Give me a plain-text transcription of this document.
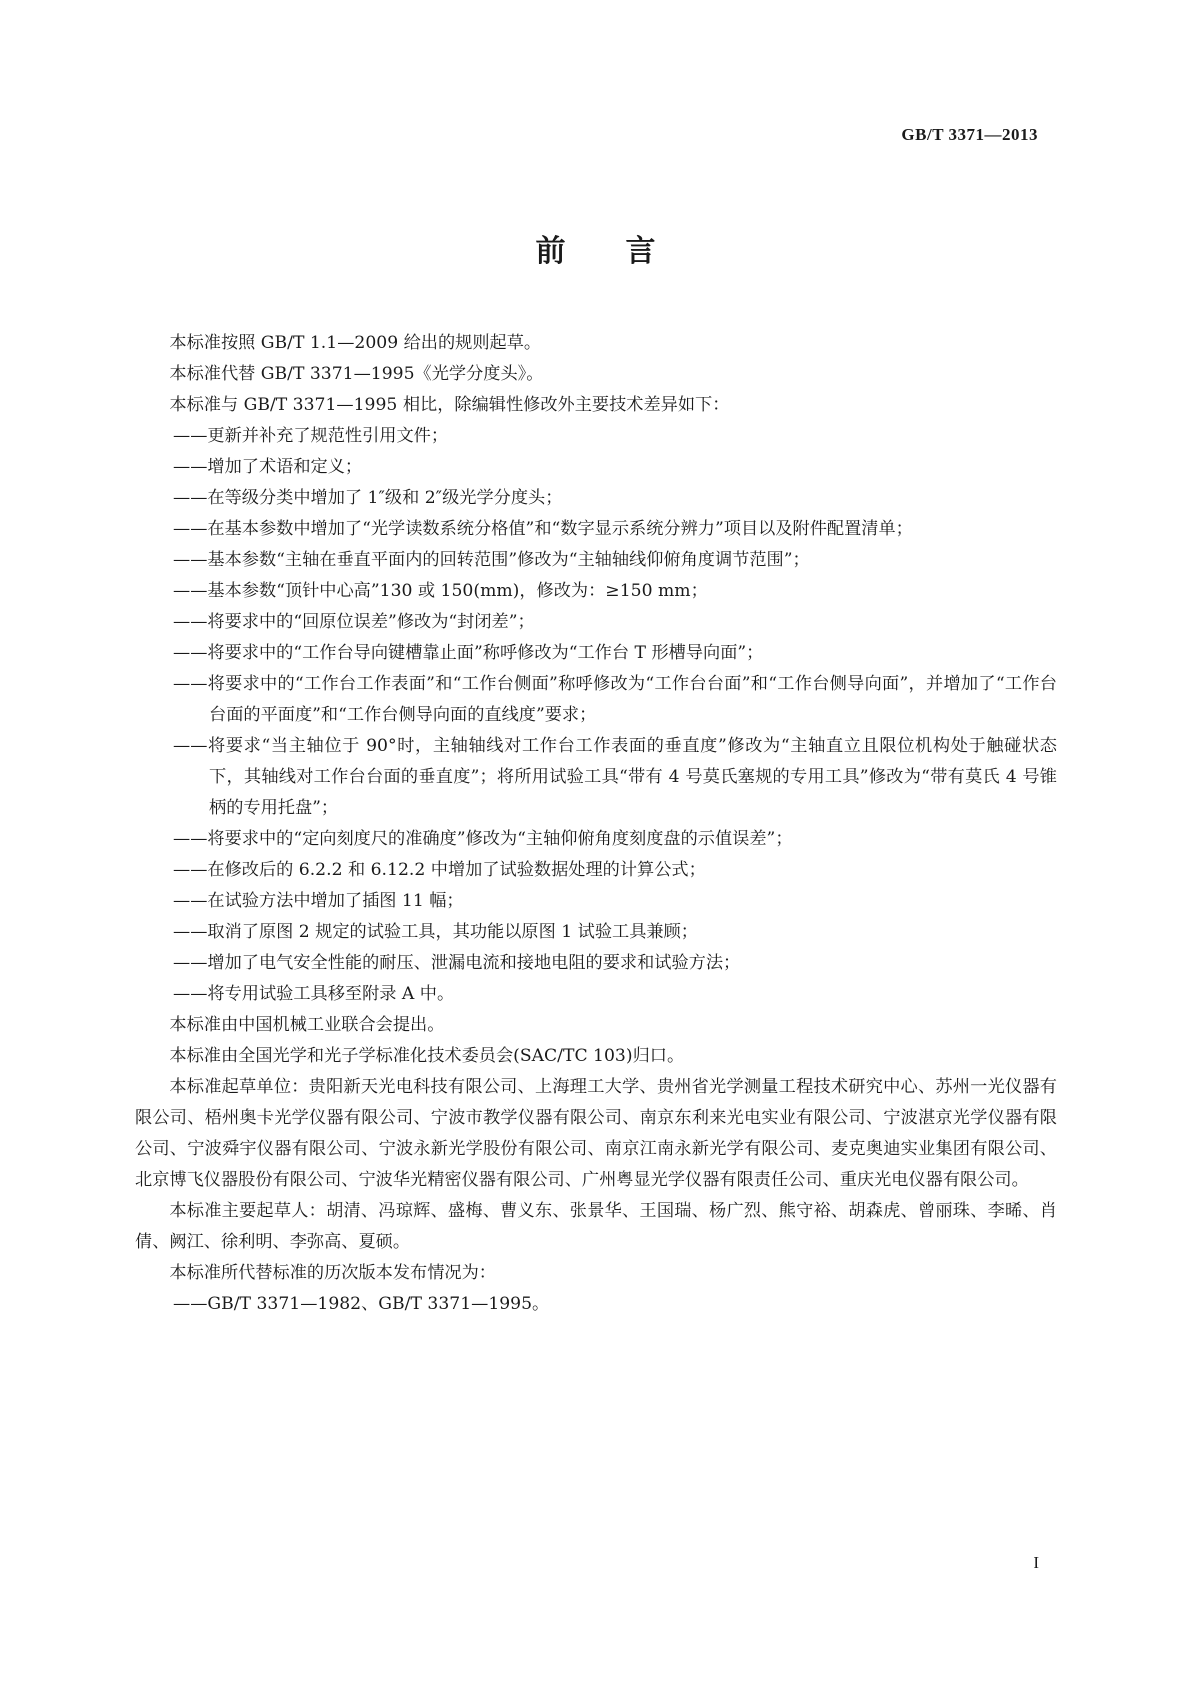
GB/T 3371—2013
前言

本标准按照 GB/T 1.1—2009 给出的规则起草。

本标准代替 GB/T 3371—1995《光学分度头》。

本标准与 GB/T 3371—1995 相比，除编辑性修改外主要技术差异如下：

——更新并补充了规范性引用文件；

——增加了术语和定义；

——在等级分类中增加了 1″级和 2″级光学分度头；

——在基本参数中增加了“光学读数系统分格值”和“数字显示系统分辨力”项目以及附件配置清单；

——基本参数“主轴在垂直平面内的回转范围”修改为“主轴轴线仰俯角度调节范围”；

——基本参数“顶针中心高”130 或 150(mm)，修改为：≥150 mm；

——将要求中的“回原位误差”修改为“封闭差”；

——将要求中的“工作台导向键槽靠止面”称呼修改为“工作台 T 形槽导向面”；

——将要求中的“工作台工作表面”和“工作台侧面”称呼修改为“工作台台面”和“工作台侧导向面”，并增加了“工作台台面的平面度”和“工作台侧导向面的直线度”要求；

——将要求“当主轴位于 90°时，主轴轴线对工作台工作表面的垂直度”修改为“主轴直立且限位机构处于触碰状态下，其轴线对工作台台面的垂直度”；将所用试验工具“带有 4 号莫氏塞规的专用工具”修改为“带有莫氏 4 号锥柄的专用托盘”；

——将要求中的“定向刻度尺的准确度”修改为“主轴仰俯角度刻度盘的示值误差”；

——在修改后的 6.2.2 和 6.12.2 中增加了试验数据处理的计算公式；

——在试验方法中增加了插图 11 幅；

——取消了原图 2 规定的试验工具，其功能以原图 1 试验工具兼顾；

——增加了电气安全性能的耐压、泄漏电流和接地电阻的要求和试验方法；

——将专用试验工具移至附录 A 中。

本标准由中国机械工业联合会提出。

本标准由全国光学和光子学标准化技术委员会(SAC/TC 103)归口。

本标准起草单位：贵阳新天光电科技有限公司、上海理工大学、贵州省光学测量工程技术研究中心、苏州一光仪器有限公司、梧州奥卡光学仪器有限公司、宁波市教学仪器有限公司、南京东利来光电实业有限公司、宁波湛京光学仪器有限公司、宁波舜宇仪器有限公司、宁波永新光学股份有限公司、南京江南永新光学有限公司、麦克奥迪实业集团有限公司、北京博飞仪器股份有限公司、宁波华光精密仪器有限公司、广州粤显光学仪器有限责任公司、重庆光电仪器有限公司。

本标准主要起草人：胡清、冯琼辉、盛梅、曹义东、张景华、王国瑞、杨广烈、熊守裕、胡森虎、曾丽珠、李晞、肖倩、阙江、徐利明、李弥高、夏硕。

本标准所代替标准的历次版本发布情况为：

——GB/T 3371—1982、GB/T 3371—1995。

I
